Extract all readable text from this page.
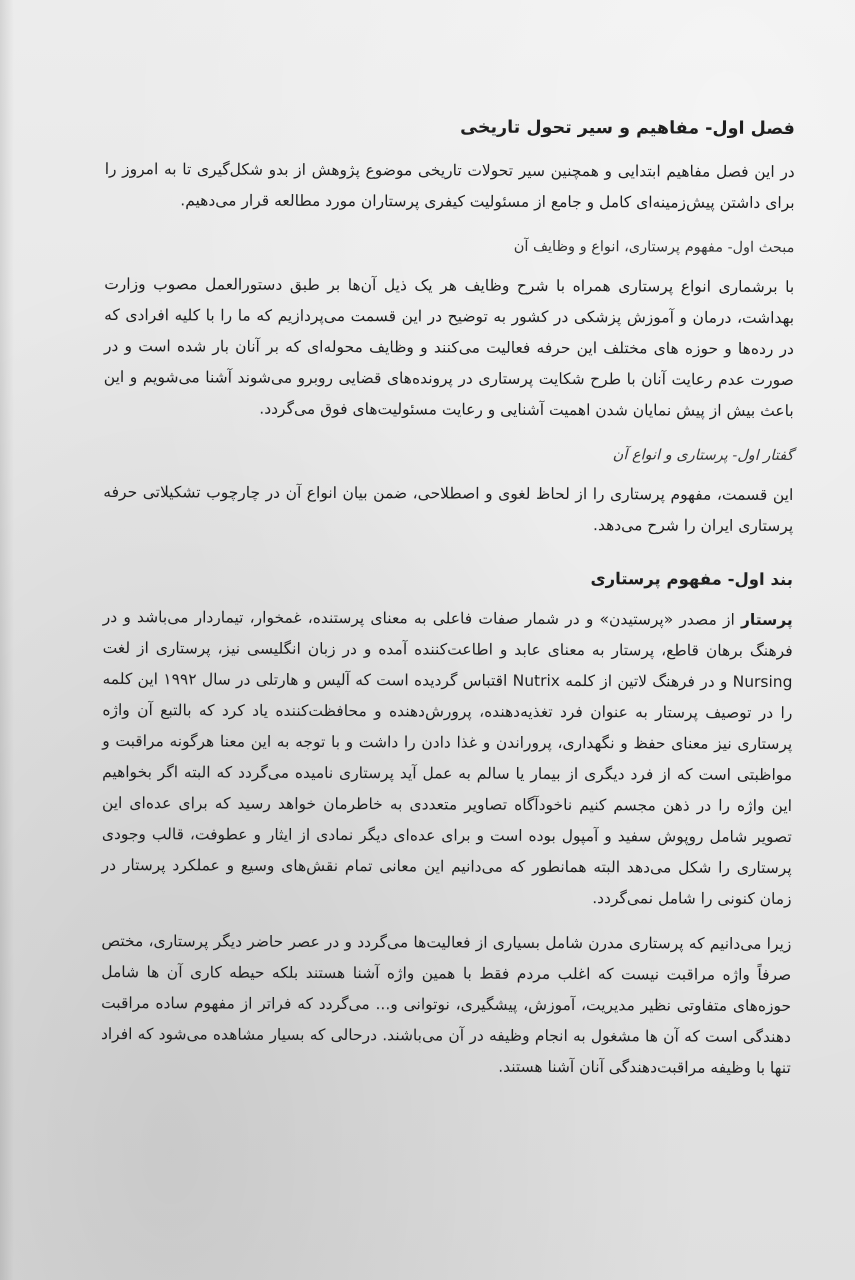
فصل اول- مفاهیم و سیر تحول تاریخی

در این فصل مفاهیم ابتدایی و همچنین سیر تحولات تاریخی موضوع پژوهش از بدو شکل‌گیری تا به امروز را برای داشتن پیش‌زمینه‌ای کامل و جامع از مسئولیت کیفری پرستاران مورد مطالعه قرار می‌دهیم.

مبحث اول- مفهوم پرستاری، انواع و وظایف آن

با برشماری انواع پرستاری همراه با شرح وظایف هر یک ذیل آن‌ها بر طبق دستورالعمل مصوب وزارت بهداشت، درمان و آموزش پزشکی در کشور به توضیح در این قسمت می‌پردازیم که ما را با کلیه افرادی که در رده‌ها و حوزه های مختلف این حرفه فعالیت می‌کنند و وظایف محوله‌ای که بر آنان بار شده است و در صورت عدم رعایت آنان با طرح شکایت پرستاری در پرونده‌های قضایی روبرو می‌شوند آشنا می‌شویم و این باعث بیش از پیش نمایان شدن اهمیت آشنایی و رعایت مسئولیت‌های فوق می‌گردد.

گفتار اول- پرستاری و انواع آن

این قسمت، مفهوم پرستاری را از لحاظ لغوی و اصطلاحی، ضمن بیان انواع آن در چارچوب تشکیلاتی حرفه پرستاری ایران را شرح می‌دهد.

بند اول- مفهوم پرستاری

پرستار از مصدر «پرستیدن» و در شمار صفات فاعلی به معنای پرستنده، غمخوار، تیماردار می‌باشد و در فرهنگ برهان قاطع، پرستار به معنای عابد و اطاعت‌کننده آمده و در زبان انگلیسی نیز، پرستاری از لغت Nursing و در فرهنگ لاتین از کلمه Nutrix اقتباس گردیده است که آلیس و هارتلی در سال ۱۹۹۲ این کلمه را در توصیف پرستار به عنوان فرد تغذیه‌دهنده، پرورش‌دهنده و محافظت‌کننده یاد کرد که بالتبع آن واژه پرستاری نیز معنای حفظ و نگهداری، پروراندن و غذا دادن را داشت و با توجه به این معنا هرگونه مراقبت و مواظبتی است که از فرد دیگری از بیمار یا سالم به عمل آید پرستاری نامیده می‌گردد که البته اگر بخواهیم این واژه را در ذهن مجسم کنیم ناخودآگاه تصاویر متعددی به خاطرمان خواهد رسید که برای عده‌ای این تصویر شامل روپوش سفید و آمپول بوده است و برای عده‌ای دیگر نمادی از ایثار و عطوفت، قالب وجودی پرستاری را شکل می‌دهد البته همانطور که می‌دانیم این معانی تمام نقش‌های وسیع و عملکرد پرستار در زمان کنونی را شامل نمی‌گردد.

زیرا می‌دانیم که پرستاری مدرن شامل بسیاری از فعالیت‌ها می‌گردد و در عصر حاضر دیگر پرستاری، مختص صرفاً واژه مراقبت نیست که اغلب مردم فقط با همین واژه آشنا هستند بلکه حیطه کاری آن ها شامل حوزه‌های متفاوتی نظیر مدیریت، آموزش، پیشگیری، نوتوانی و... می‌گردد که فراتر از مفهوم ساده مراقبت دهندگی است که آن ها مشغول به انجام وظیفه در آن می‌باشند. درحالی که بسیار مشاهده می‌شود که افراد تنها با وظیفه مراقبت‌دهندگی آنان آشنا هستند.
